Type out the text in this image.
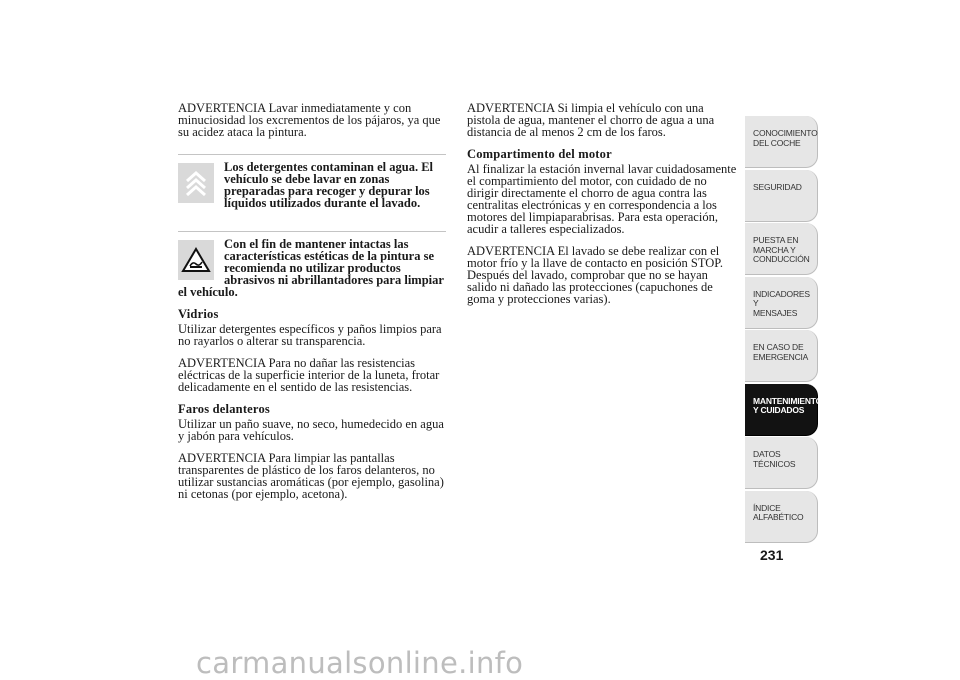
ADVERTENCIA Lavar inmediatamente y con minuciosidad los excrementos de los pájaros, ya que su acidez ataca la pintura.

Los detergentes contaminan el agua. El vehículo se debe lavar en zonas preparadas para recoger y depurar los líquidos utilizados durante el lavado.
Con el fin de mantener intactas las características estéticas de la pintura se recomienda no utilizar productos abrasivos ni abrillantadores para limpiar el vehículo.
Vidrios

Utilizar detergentes específicos y paños limpios para no rayarlos o alterar su transparencia.

ADVERTENCIA Para no dañar las resistencias eléctricas de la superficie interior de la luneta, frotar delicadamente en el sentido de las resistencias.

Faros delanteros

Utilizar un paño suave, no seco, humedecido en agua y jabón para vehículos.

ADVERTENCIA Para limpiar las pantallas transparentes de plástico de los faros delanteros, no utilizar sustancias aromáticas (por ejemplo, gasolina) ni cetonas (por ejemplo, acetona).

ADVERTENCIA Si limpia el vehículo con una pistola de agua, mantener el chorro de agua a una distancia de al menos 2 cm de los faros.

Compartimento del motor

Al finalizar la estación invernal lavar cuidadosamente el compartimiento del motor, con cuidado de no dirigir directamente el chorro de agua contra las centralitas electrónicas y en correspondencia a los motores del limpiaparabrisas. Para esta operación, acudir a talleres especializados.

ADVERTENCIA El lavado se debe realizar con el motor frío y la llave de contacto en posición STOP. Después del lavado, comprobar que no se hayan salido ni dañado las protecciones (capuchones de goma y protecciones varias).

CONOCIMIENTO
DEL COCHE
SEGURIDAD
PUESTA EN
MARCHA Y
CONDUCCIÓN
INDICADORES Y
MENSAJES
EN CASO DE
EMERGENCIA
MANTENIMIENTO
Y CUIDADOS
DATOS TÉCNICOS
ÍNDICE
ALFABÉTICO
231
carmanualsonline.info
